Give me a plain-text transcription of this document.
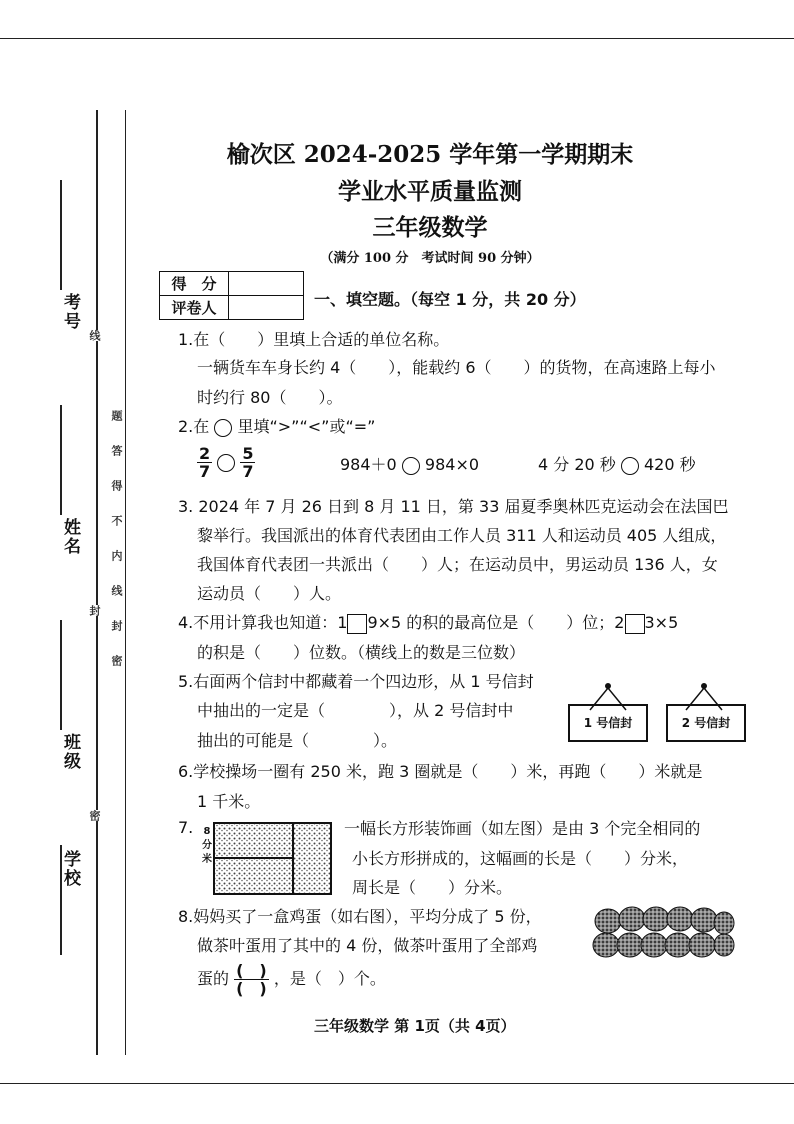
考号
姓名
班级
学校
线
封
密
题答得不内线封密
榆次区 2024-2025 学年第一学期期末
学业水平质量监测
三年级数学
（满分 100 分　考试时间 90 分钟）
得　分	
评卷人		一、填空题。（每空 1 分，共 20 分）
1.在（　　）里填上合适的单位名称。
一辆货车车身长约 4（　　），能载约 6（　　）的货物，在高速路上每小
时约行 80（　　）。
2.在 里填“>”“<”或“=”
$\frac{2}{7}$
$\frac{5}{7}$	984＋0 984×0	4 分 20 秒 420 秒
3. 2024 年 7 月 26 日到 8 月 11 日，第 33 届夏季奥林匹克运动会在法国巴
黎举行。我国派出的体育代表团由工作人员 311 人和运动员 405 人组成，
我国体育代表团一共派出（　　）人；在运动员中，男运动员 136 人，女
运动员（　　）人。
4.不用计算我也知道：1 9×5 的积的最高位是（　　）位；2 3×5
的积是（　　）位数。（横线上的数是三位数）
5.右面两个信封中都藏着一个四边形，从 1 号信封
中抽出的一定是（　　　　），从 2 号信封中
抽出的可能是（　　　　）。
1 号信封	2 号信封
6.学校操场一圈有 250 米，跑 3 圈就是（　　）米，再跑（　　）米就是
1 千米。
7. 8分米
一幅长方形装饰画（如左图）是由 3 个完全相同的
小长方形拼成的，这幅画的长是（　　）分米，
周长是（　　）分米。
8.妈妈买了一盒鸡蛋（如右图），平均分成了 5 份，
做茶叶蛋用了其中的 4 份，做茶叶蛋用了全部鸡
蛋的 $\frac{( )}{( )}$ ，是（　）个。
三年级数学 第 1页（共 4页）
